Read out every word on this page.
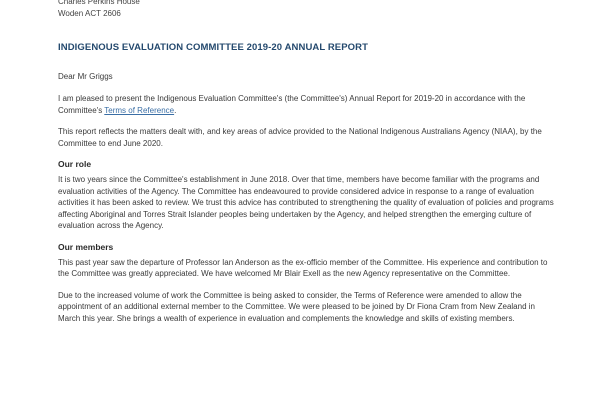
Charles Perkins House
Woden ACT 2606
INDIGENOUS EVALUATION COMMITTEE 2019-20 ANNUAL REPORT
Dear Mr Griggs

I am pleased to present the Indigenous Evaluation Committee's (the Committee's) Annual Report for 2019-20 in accordance with the Committee's Terms of Reference.

This report reflects the matters dealt with, and key areas of advice provided to the National Indigenous Australians Agency (NIAA), by the Committee to end June 2020.

Our role

It is two years since the Committee's establishment in June 2018. Over that time, members have become familiar with the programs and evaluation activities of the Agency. The Committee has endeavoured to provide considered advice in response to a range of evaluation activities it has been asked to review. We trust this advice has contributed to strengthening the quality of evaluation of policies and programs affecting Aboriginal and Torres Strait Islander peoples being undertaken by the Agency, and helped strengthen the emerging culture of evaluation across the Agency.

Our members

This past year saw the departure of Professor Ian Anderson as the ex-officio member of the Committee. His experience and contribution to the Committee was greatly appreciated. We have welcomed Mr Blair Exell as the new Agency representative on the Committee.

Due to the increased volume of work the Committee is being asked to consider, the Terms of Reference were amended to allow the appointment of an additional external member to the Committee. We were pleased to be joined by Dr Fiona Cram from New Zealand in March this year. She brings a wealth of experience in evaluation and complements the knowledge and skills of existing members.
